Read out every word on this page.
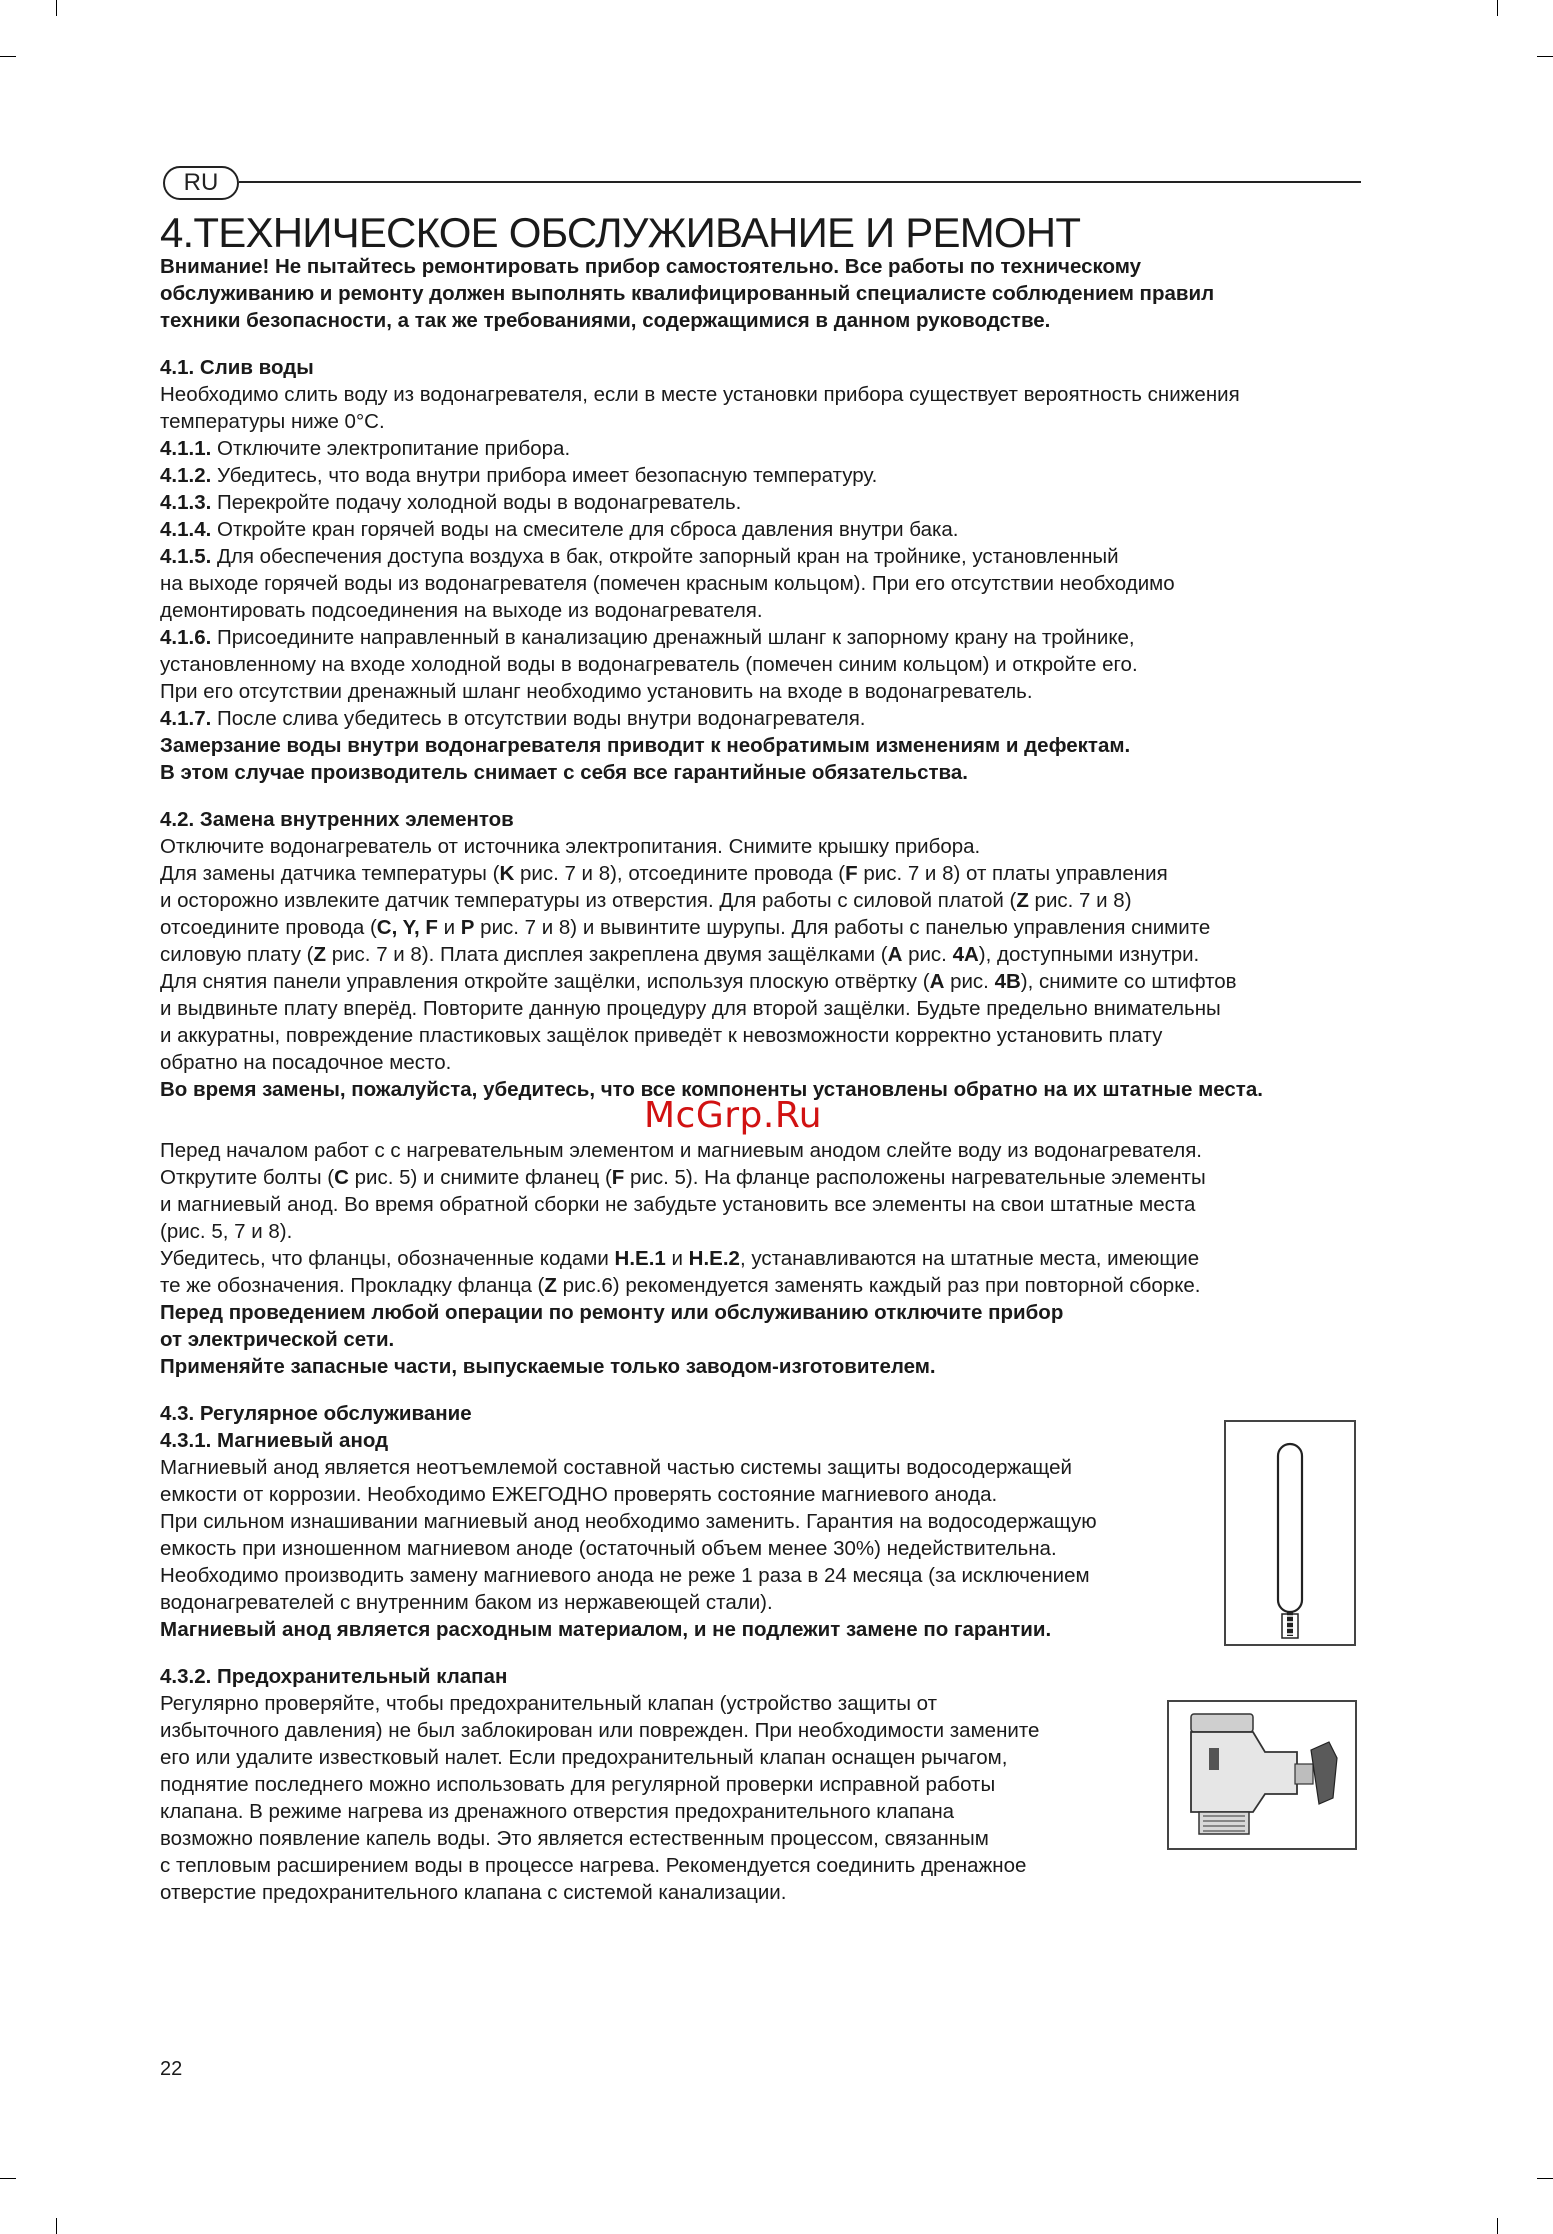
RU
4.ТЕХНИЧЕСКОЕ ОБСЛУЖИВАНИЕ И РЕМОНТ
Внимание! Не пытайтесь ремонтировать прибор самостоятельно. Все работы по техническому
обслуживанию и ремонту должен выполнять квалифицированный специалисте соблюдением правил
техники безопасности, а так же требованиями, содержащимися в данном руководстве.
4.1. Слив воды
Необходимо слить воду из водонагревателя, если в месте установки прибора существует вероятность снижения
температуры ниже 0°C.
4.1.1. Отключите электропитание прибора.
4.1.2. Убедитесь, что вода внутри прибора имеет безопасную температуру.
4.1.3. Перекройте подачу холодной воды в водонагреватель.
4.1.4. Откройте кран горячей воды на смесителе для сброса давления внутри бака.
4.1.5. Для обеспечения доступа воздуха в бак, откройте запорный кран на тройнике, установленный
на выходе горячей воды из водонагревателя (помечен красным кольцом). При его отсутствии необходимо
демонтировать подсоединения на выходе из водонагревателя.
4.1.6. Присоедините направленный в канализацию дренажный шланг к запорному крану на тройнике,
установленному на входе холодной воды в водонагреватель (помечен синим кольцом) и откройте его.
При его отсутствии дренажный шланг необходимо установить на входе в водонагреватель.
4.1.7. После слива убедитесь в отсутствии воды внутри водонагревателя.
Замерзание воды внутри водонагревателя приводит к необратимым изменениям и дефектам.
В этом случае производитель снимает с себя все гарантийные обязательства.
4.2. Замена внутренних элементов
Отключите водонагреватель от источника электропитания. Снимите крышку прибора.
Для замены датчика температуры (K рис. 7 и 8), отсоедините провода (F рис. 7 и 8) от платы управления
и осторожно извлеките датчик температуры из отверстия. Для работы с силовой платой (Z рис. 7 и 8)
отсоедините провода (C, Y, F и P рис. 7 и 8) и вывинтите шурупы. Для работы с панелью управления снимите
силовую плату (Z рис. 7 и 8). Плата дисплея закреплена двумя защёлками (A рис. 4A), доступными изнутри.
Для снятия панели управления откройте защёлки, используя плоскую отвёртку (A рис. 4B), снимите со штифтов
и выдвиньте плату вперёд. Повторите данную процедуру для второй защёлки. Будьте предельно внимательны
и аккуратны, повреждение пластиковых защёлок приведёт к невозможности корректно установить плату
обратно на посадочное место.
Во время замены, пожалуйста, убедитесь, что все компоненты установлены обратно на их штатные места.
Перед началом работ с с нагревательным элементом и магниевым анодом слейте воду из водонагревателя.
Открутите болты (C рис. 5) и снимите фланец (F рис. 5). На фланце расположены нагревательные элементы
и магниевый анод. Во время обратной сборки не забудьте установить все элементы на свои штатные места
(рис. 5, 7 и 8).
Убедитесь, что фланцы, обозначенные кодами H.E.1 и H.E.2, устанавливаются на штатные места, имеющие
те же обозначения. Прокладку фланца (Z рис.6) рекомендуется заменять каждый раз при повторной сборке.
Перед проведением любой операции по ремонту или обслуживанию отключите прибор
от электрической сети.
Применяйте запасные части, выпускаемые только заводом-изготовителем.
4.3. Регулярное обслуживание
4.3.1. Магниевый анод
Магниевый анод является неотъемлемой составной частью системы защиты водосодержащей
емкости от коррозии. Необходимо ЕЖЕГОДНО проверять состояние магниевого анода.
При сильном изнашивании магниевый анод необходимо заменить. Гарантия на водосодержащую
емкость при изношенном магниевом аноде (остаточный объем менее 30%) недействительна.
Необходимо производить замену магниевого анода не реже 1 раза в 24 месяца (за исключением
водонагревателей с внутренним баком из нержавеющей стали).
Магниевый анод является расходным материалом, и не подлежит замене по гарантии.
4.3.2. Предохранительный клапан
Регулярно проверяйте, чтобы предохранительный клапан (устройство защиты от
избыточного давления) не был заблокирован или поврежден. При необходимости замените
его или удалите известковый налет. Если предохранительный клапан оснащен рычагом,
поднятие последнего можно использовать для регулярной проверки исправной работы
клапана. В режиме нагрева из дренажного отверстия предохранительного клапана
возможно появление капель воды. Это является естественным процессом, связанным
с тепловым расширением воды в процессе нагрева. Рекомендуется соединить дренажное
отверстие предохранительного клапана с системой канализации.
McGrp.Ru
22
